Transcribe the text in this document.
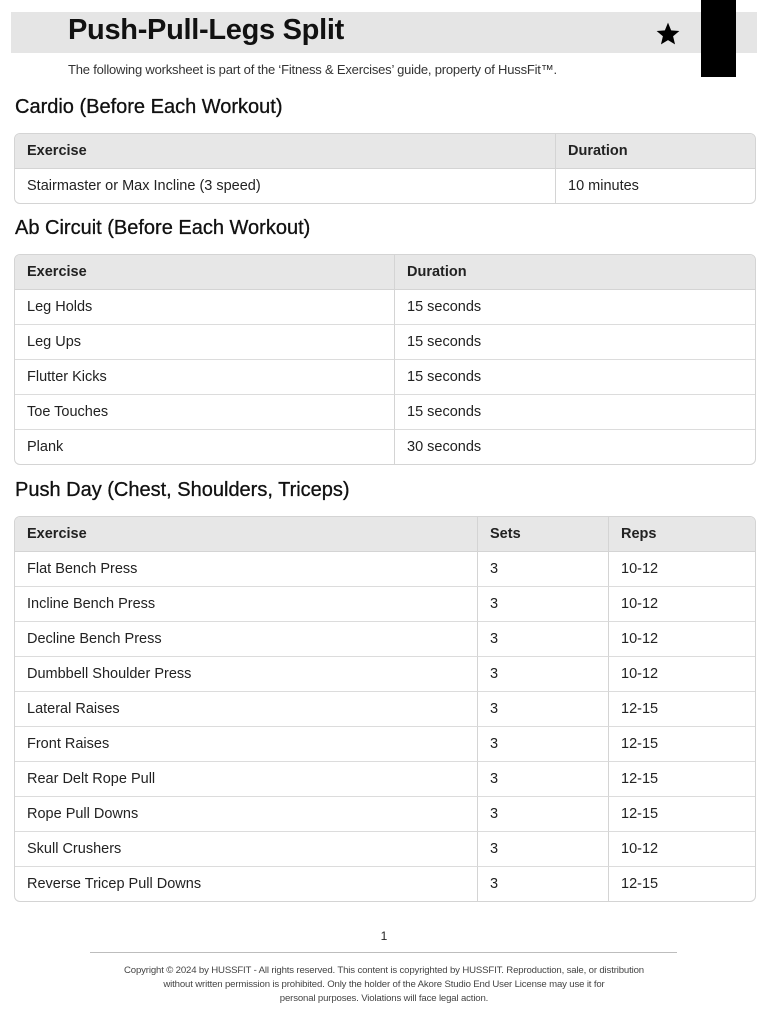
Push-Pull-Legs Split
The following worksheet is part of the ‘Fitness & Exercises’ guide, property of HussFit™.
Cardio (Before Each Workout)
Exercise	Duration
Stairmaster or Max Incline (3 speed)	10 minutes
Ab Circuit (Before Each Workout)
Exercise	Duration
Leg Holds	15 seconds
Leg Ups	15 seconds
Flutter Kicks	15 seconds
Toe Touches	15 seconds
Plank	30 seconds
Push Day (Chest, Shoulders, Triceps)
Exercise	Sets	Reps
Flat Bench Press	3	10-12
Incline Bench Press	3	10-12
Decline Bench Press	3	10-12
Dumbbell Shoulder Press	3	10-12
Lateral Raises	3	12-15
Front Raises	3	12-15
Rear Delt Rope Pull	3	12-15
Rope Pull Downs	3	12-15
Skull Crushers	3	10-12
Reverse Tricep Pull Downs	3	12-15
1
Copyright © 2024 by HUSSFIT - All rights reserved. This content is copyrighted by HUSSFIT. Reproduction, sale, or distribution
without written permission is prohibited. Only the holder of the Akore Studio End User License may use it for
personal purposes. Violations will face legal action.
